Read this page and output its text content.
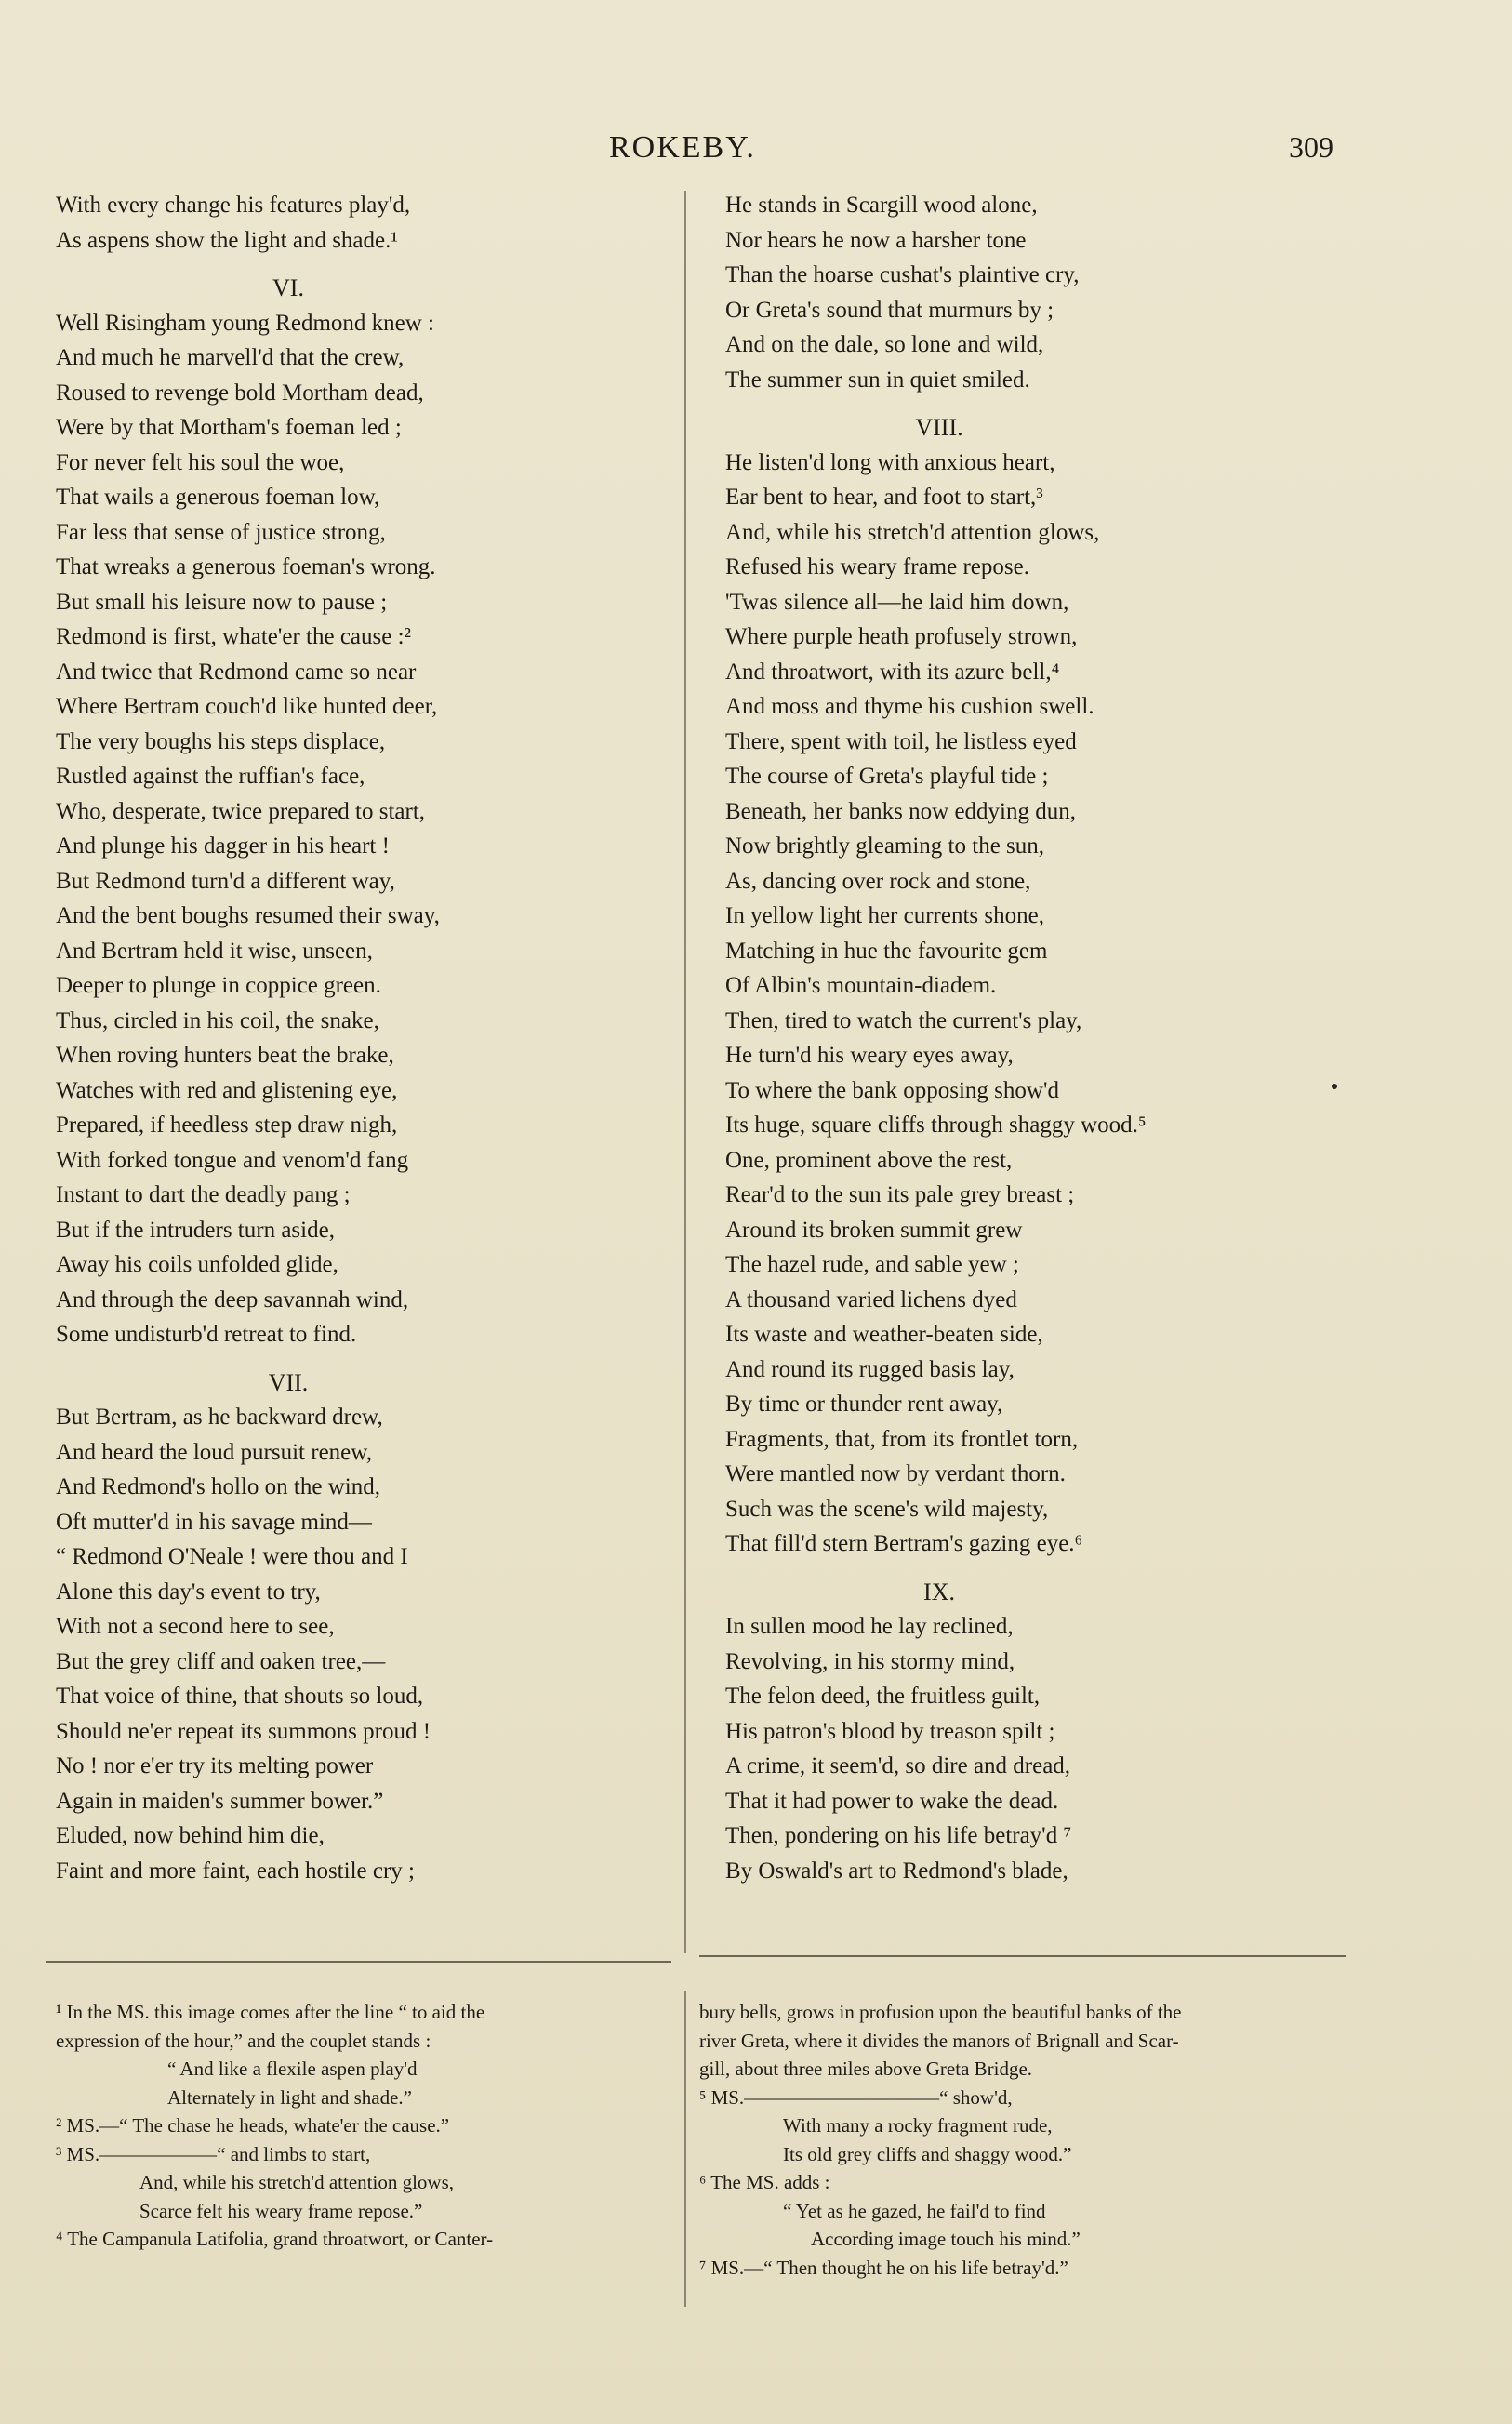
ROKEBY.	309
With every change his features play'd,
As aspens show the light and shade.¹
VI.
Well Risingham young Redmond knew :
And much he marvell'd that the crew,
Roused to revenge bold Mortham dead,
Were by that Mortham's foeman led ;
For never felt his soul the woe,
That wails a generous foeman low,
Far less that sense of justice strong,
That wreaks a generous foeman's wrong.
But small his leisure now to pause ;
Redmond is first, whate'er the cause :²
And twice that Redmond came so near
Where Bertram couch'd like hunted deer,
The very boughs his steps displace,
Rustled against the ruffian's face,
Who, desperate, twice prepared to start,
And plunge his dagger in his heart !
But Redmond turn'd a different way,
And the bent boughs resumed their sway,
And Bertram held it wise, unseen,
Deeper to plunge in coppice green.
Thus, circled in his coil, the snake,
When roving hunters beat the brake,
Watches with red and glistening eye,
Prepared, if heedless step draw nigh,
With forked tongue and venom'd fang
Instant to dart the deadly pang ;
But if the intruders turn aside,
Away his coils unfolded glide,
And through the deep savannah wind,
Some undisturb'd retreat to find.
VII.
But Bertram, as he backward drew,
And heard the loud pursuit renew,
And Redmond's hollo on the wind,
Oft mutter'd in his savage mind—
“ Redmond O'Neale ! were thou and I
Alone this day's event to try,
With not a second here to see,
But the grey cliff and oaken tree,—
That voice of thine, that shouts so loud,
Should ne'er repeat its summons proud !
No ! nor e'er try its melting power
Again in maiden's summer bower.”
Eluded, now behind him die,
Faint and more faint, each hostile cry ;
He stands in Scargill wood alone,
Nor hears he now a harsher tone
Than the hoarse cushat's plaintive cry,
Or Greta's sound that murmurs by ;
And on the dale, so lone and wild,
The summer sun in quiet smiled.
VIII.
He listen'd long with anxious heart,
Ear bent to hear, and foot to start,³
And, while his stretch'd attention glows,
Refused his weary frame repose.
'Twas silence all—he laid him down,
Where purple heath profusely strown,
And throatwort, with its azure bell,⁴
And moss and thyme his cushion swell.
There, spent with toil, he listless eyed
The course of Greta's playful tide ;
Beneath, her banks now eddying dun,
Now brightly gleaming to the sun,
As, dancing over rock and stone,
In yellow light her currents shone,
Matching in hue the favourite gem
Of Albin's mountain-diadem.
Then, tired to watch the current's play,
He turn'd his weary eyes away,
To where the bank opposing show'd
Its huge, square cliffs through shaggy wood.⁵
One, prominent above the rest,
Rear'd to the sun its pale grey breast ;
Around its broken summit grew
The hazel rude, and sable yew ;
A thousand varied lichens dyed
Its waste and weather-beaten side,
And round its rugged basis lay,
By time or thunder rent away,
Fragments, that, from its frontlet torn,
Were mantled now by verdant thorn.
Such was the scene's wild majesty,
That fill'd stern Bertram's gazing eye.⁶
IX.
In sullen mood he lay reclined,
Revolving, in his stormy mind,
The felon deed, the fruitless guilt,
His patron's blood by treason spilt ;
A crime, it seem'd, so dire and dread,
That it had power to wake the dead.
Then, pondering on his life betray'd ⁷
By Oswald's art to Redmond's blade,
¹ In the MS. this image comes after the line “ to aid the
expression of the hour,” and the couplet stands :
“ And like a flexile aspen play'd
Alternately in light and shade.”
² MS.—“ The chase he heads, whate'er the cause.”
³ MS.——————“ and limbs to start,
And, while his stretch'd attention glows,
Scarce felt his weary frame repose.”
⁴ The Campanula Latifolia, grand throatwort, or Canter-
bury bells, grows in profusion upon the beautiful banks of the
river Greta, where it divides the manors of Brignall and Scar-
gill, about three miles above Greta Bridge.
⁵ MS.——————————“ show'd,
With many a rocky fragment rude,
Its old grey cliffs and shaggy wood.”
⁶ The MS. adds :
“ Yet as he gazed, he fail'd to find
According image touch his mind.”
⁷ MS.—“ Then thought he on his life betray'd.”
